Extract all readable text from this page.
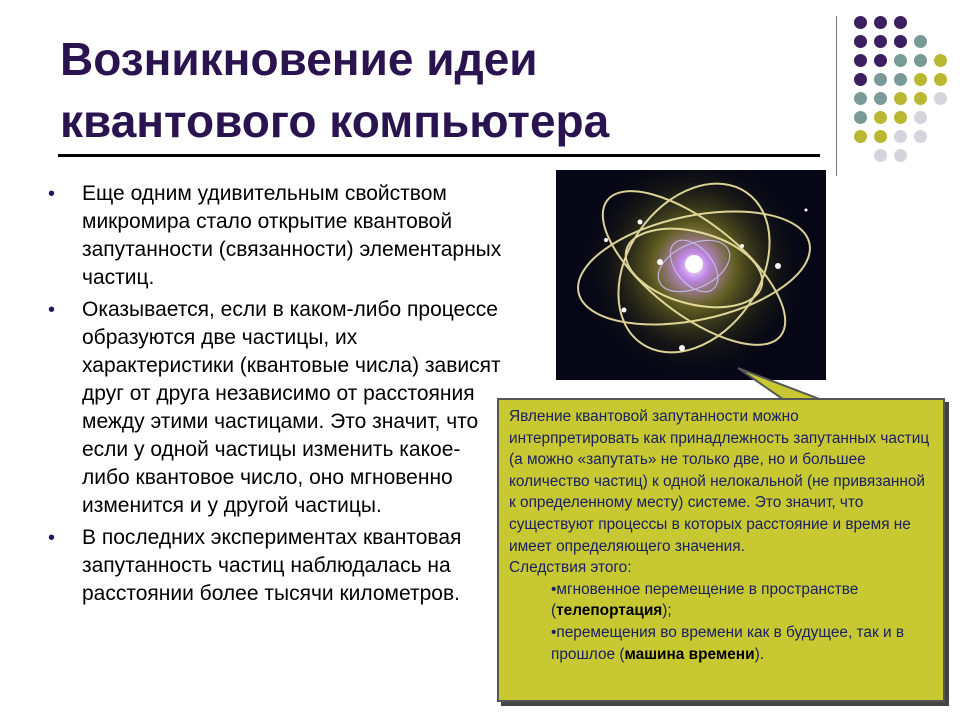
Возникновение идеи
квантового компьютера
• Еще одним удивительным свойством микромира стало открытие квантовой запутанности (связанности) элементарных частиц.
• Оказывается, если в каком-либо процессе образуются две частицы, их характеристики (квантовые числа) зависят друг от друга независимо от расстояния между этими частицами. Это значит, что если у одной частицы изменить какое-либо квантовое число, оно мгновенно изменится и у другой частицы.
• В последних экспериментах квантовая запутанность частиц наблюдалась на расстоянии более тысячи километров.
Явление квантовой запутанности можно интерпретировать как принадлежность запутанных частиц (а можно «запутать» не только две, но и большее количество частиц) к одной нелокальной (не привязанной к определенному месту) системе. Это значит, что существуют процессы в которых расстояние и время не имеет определяющего значения.
Следствия этого:
•мгновенное перемещение в пространстве (телепортация);
•перемещения во времени как в будущее, так и в прошлое (машина времени).
